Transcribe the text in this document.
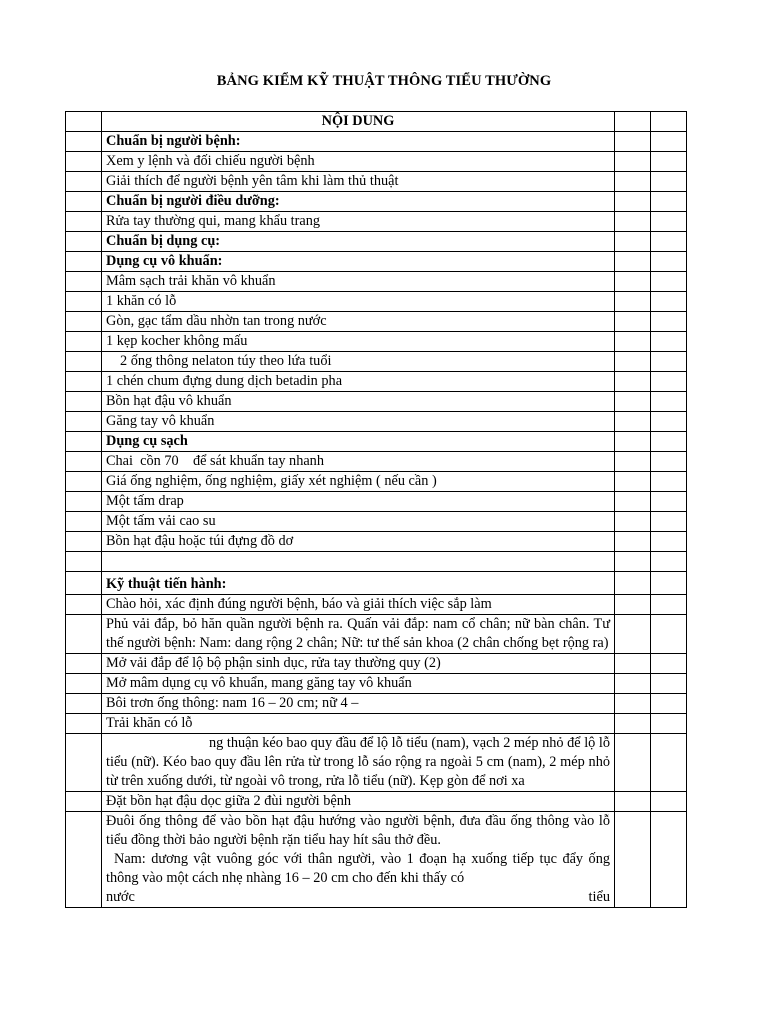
BẢNG KIỂM KỸ THUẬT THÔNG TIỂU THƯỜNG
	NỘI DUNG		
	Chuẩn bị người bệnh:		
	Xem y lệnh và đối chiếu người bệnh		
	Giải thích để người bệnh yên tâm khi làm thủ thuật		
	Chuẩn bị người điều dưỡng:		
	Rửa tay thường qui, mang khẩu trang		
	Chuẩn bị dụng cụ:		
	Dụng cụ vô khuẩn:		
	Mâm sạch trải khăn vô khuẩn		
	1 khăn có lỗ		
	Gòn, gạc tẩm dầu nhờn tan trong nước		
	1 kẹp kocher không mấu		
	2 ống thông nelaton túy theo lứa tuổi		
	1 chén chum đựng dung dịch betadin pha		
	Bồn hạt đậu vô khuẩn		
	Găng tay vô khuẩn		
	Dụng cụ sạch		
	Chai  cồn 70    để sát khuẩn tay nhanh		
	Giá ống nghiệm, ống nghiệm, giấy xét nghiệm ( nếu cần )		
	Một tấm drap		
	Một tấm vải cao su		
	Bồn hạt đậu hoặc túi đựng đồ dơ		

	Kỹ thuật tiến hành:		
	Chào hỏi, xác định đúng người bệnh, báo và giải thích việc sắp làm		
	Phủ vải đắp, bỏ hăn quần người bệnh ra. Quấn vải đắp: nam cổ chân; nữ bàn chân. Tư thế người bệnh: Nam: dang rộng 2 chân; Nữ: tư thế sản khoa (2 chân chống bẹt rộng ra)		
	Mở vải đắp để lộ bộ phận sinh dục, rửa tay thường quy (2)		
	Mở mâm dụng cụ vô khuẩn, mang găng tay vô khuẩn		
	Bôi trơn ống thông: nam 16 – 20 cm; nữ 4 –		
	Trải khăn có lỗ		
	ng thuận kéo bao quy đầu để lộ lỗ tiểu (nam), vạch 2 mép nhỏ để lộ lỗ tiểu (nữ). Kéo bao quy đầu lên rửa từ trong lỗ sáo rộng ra ngoài 5 cm (nam), 2 mép nhỏ từ trên xuống dưới, từ ngoài vô trong, rửa lỗ tiểu (nữ). Kẹp gòn để nơi xa		
	Đặt bồn hạt đậu dọc giữa 2 đùi người bệnh		

	Đuôi ống thông để vào bồn hạt đậu hướng vào người bệnh, đưa đầu ống thông vào lỗ tiểu đồng thời bảo người bệnh rặn tiểu hay hít sâu thở đều.
Nam: dương vật vuông góc với thân người, vào 1 đoạn hạ xuống tiếp tục đẩy ống thông vào một cách nhẹ nhàng 16 – 20 cm cho đến khi thấy có
nước tiểu		
